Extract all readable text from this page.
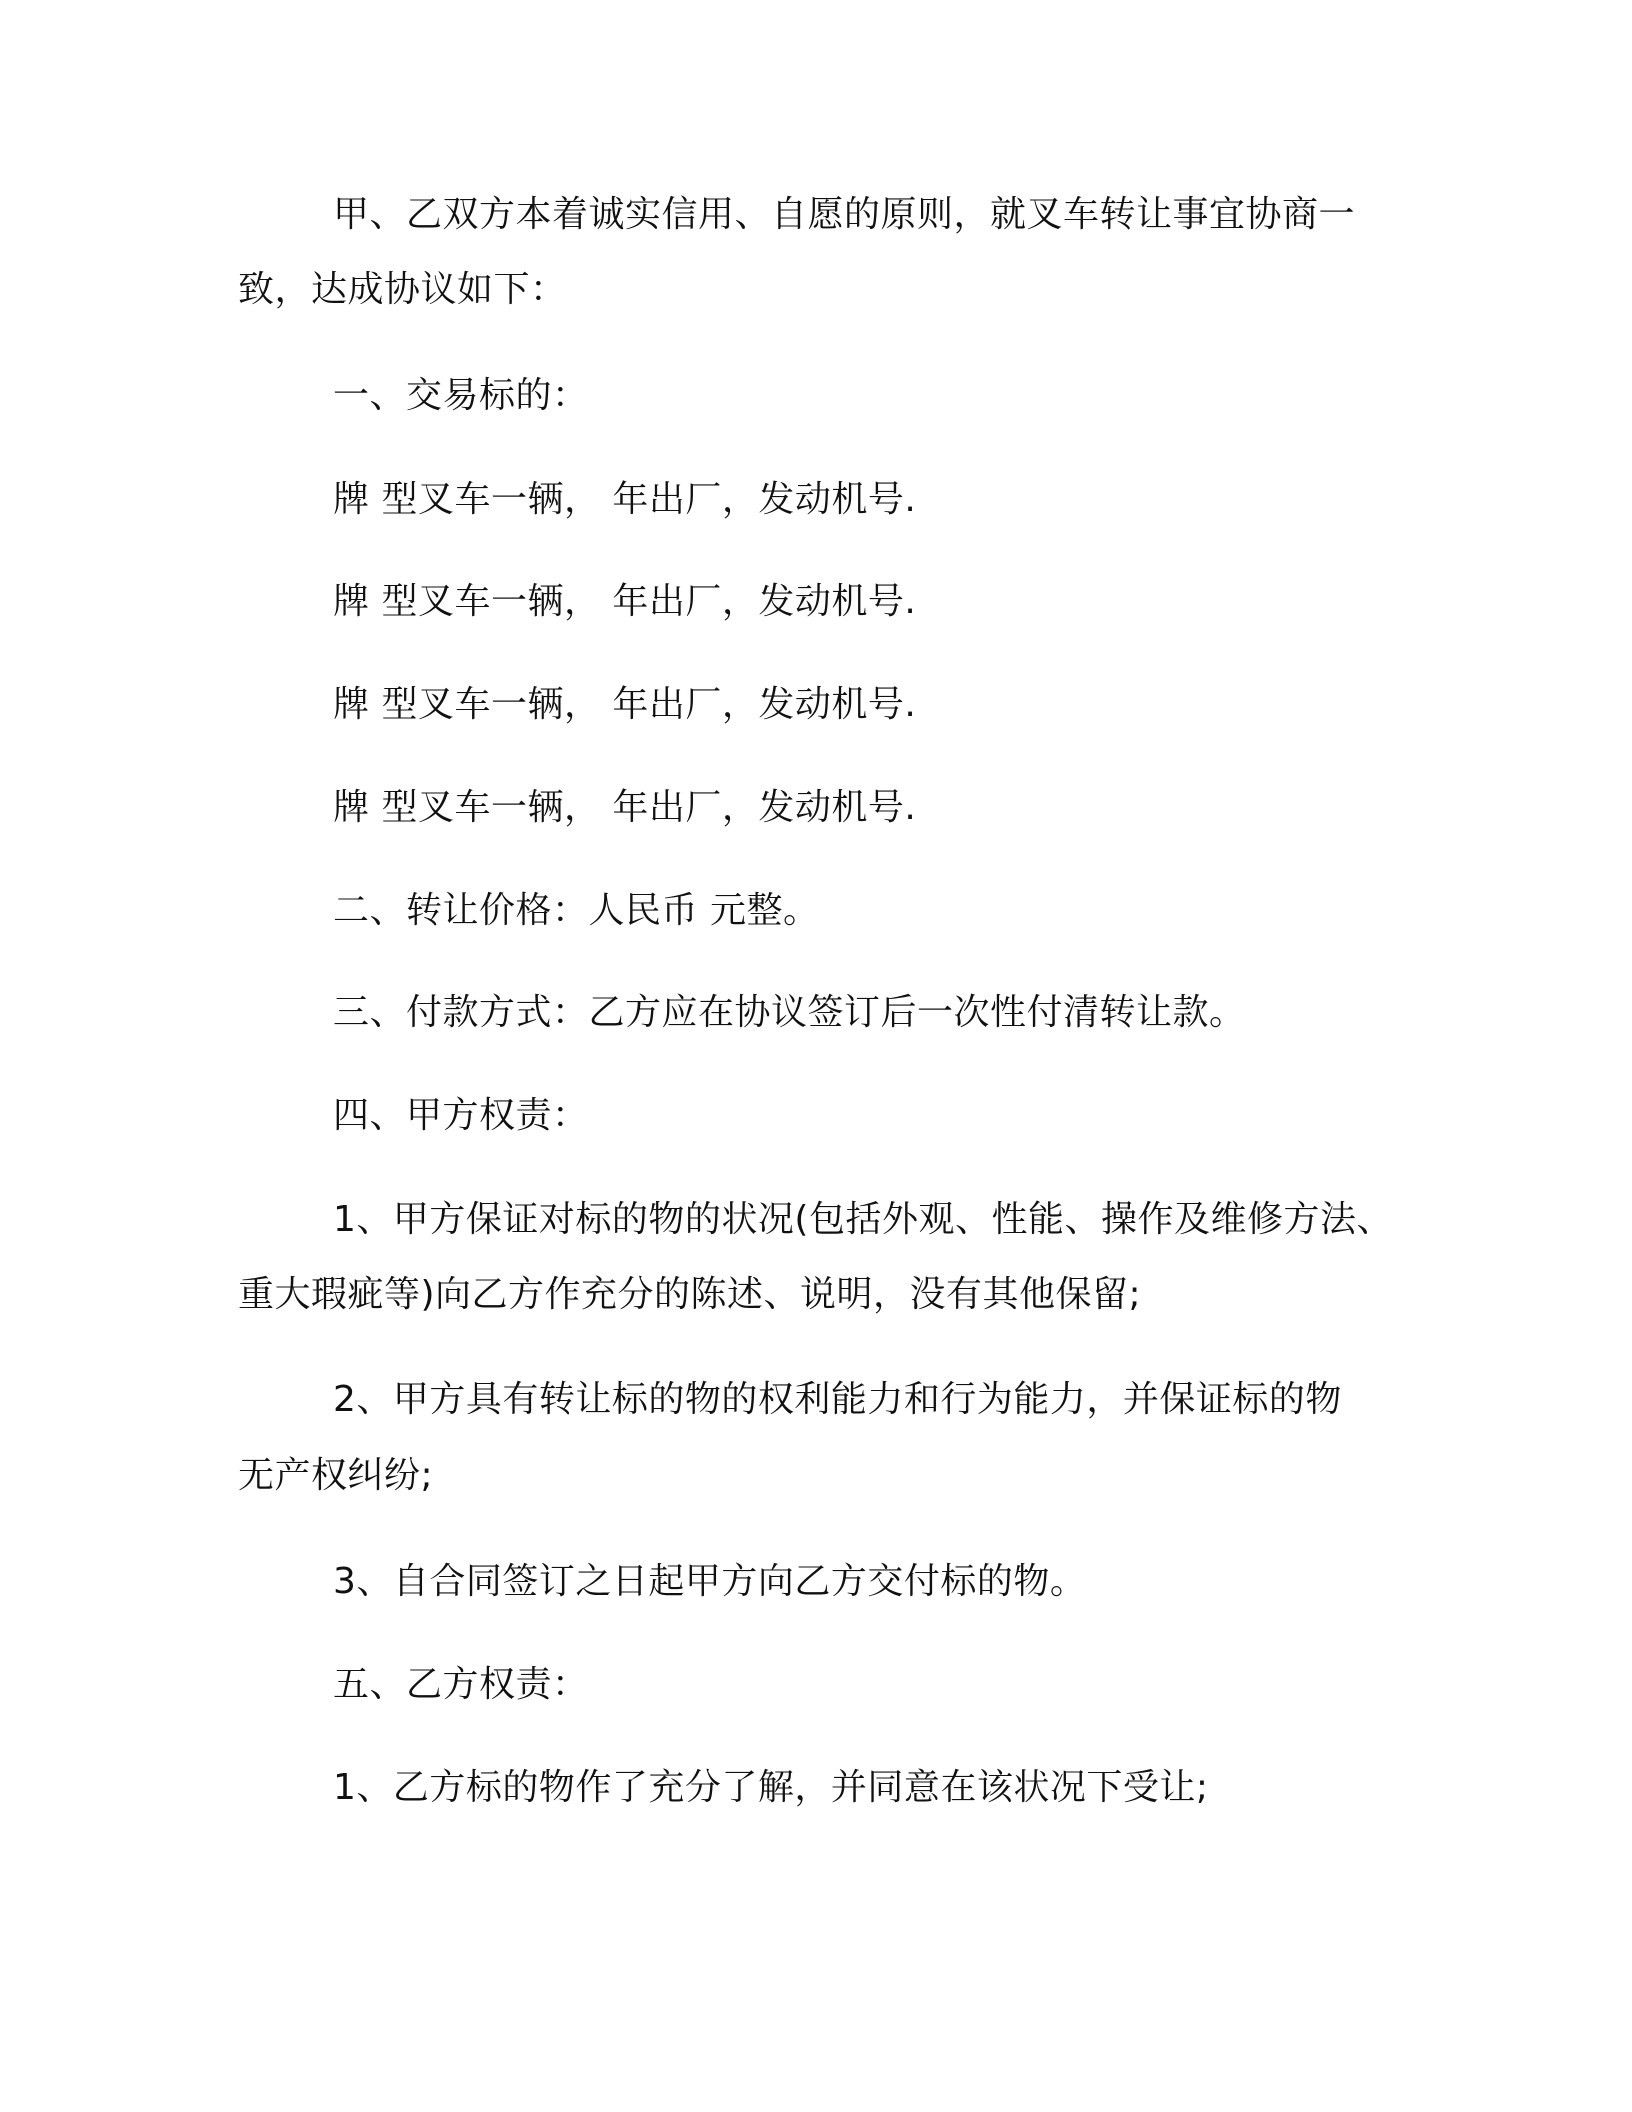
甲、乙双方本着诚实信用、自愿的原则，就叉车转让事宜协商一
致，达成协议如下：
一、交易标的：
牌 型叉车一辆， 年出厂，发动机号.
牌 型叉车一辆， 年出厂，发动机号.
牌 型叉车一辆， 年出厂，发动机号.
牌 型叉车一辆， 年出厂，发动机号.
二、转让价格：人民币 元整。
三、付款方式：乙方应在协议签订后一次性付清转让款。
四、甲方权责：
1、甲方保证对标的物的状况(包括外观、性能、操作及维修方法、
重大瑕疵等)向乙方作充分的陈述、说明，没有其他保留;
2、甲方具有转让标的物的权利能力和行为能力，并保证标的物
无产权纠纷;
3、自合同签订之日起甲方向乙方交付标的物。
五、乙方权责：
1、乙方标的物作了充分了解，并同意在该状况下受让;
